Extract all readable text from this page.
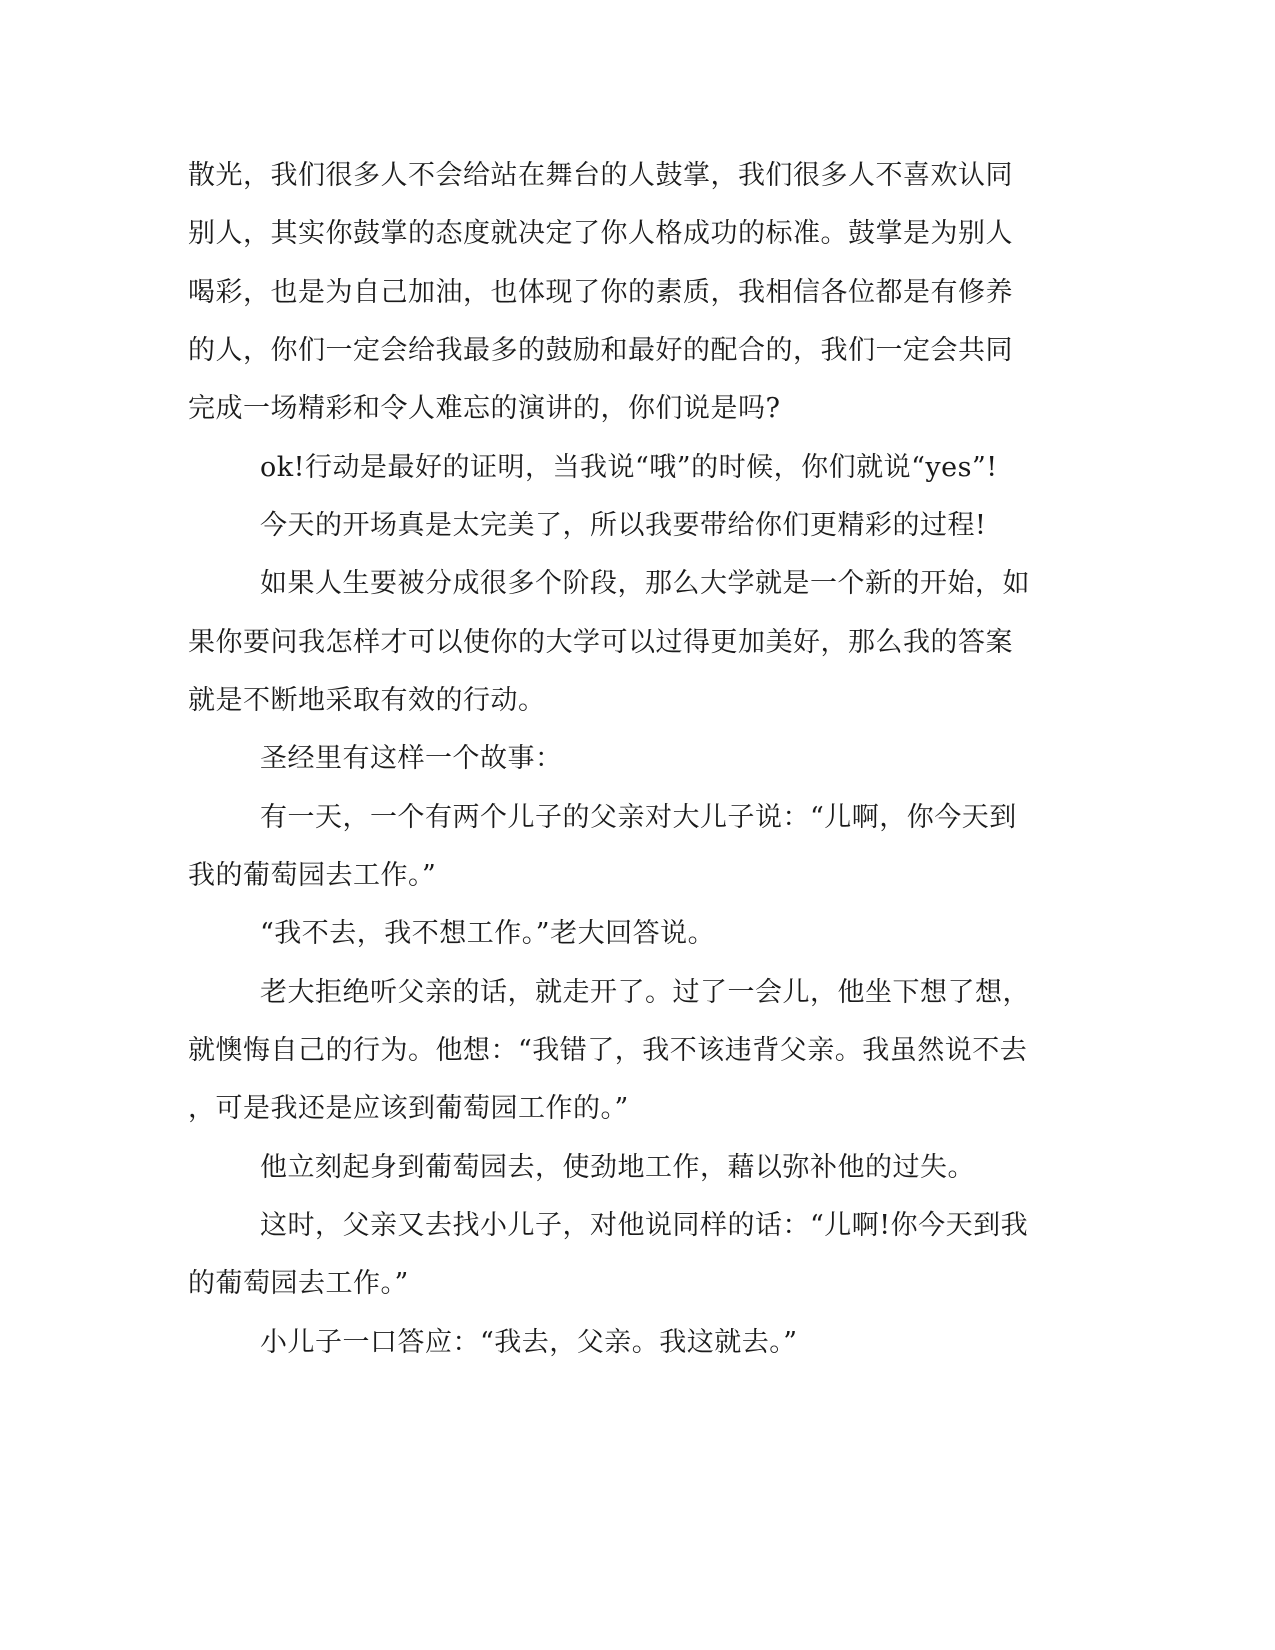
散光，我们很多人不会给站在舞台的人鼓掌，我们很多人不喜欢认同
别人，其实你鼓掌的态度就决定了你人格成功的标准。鼓掌是为别人
喝彩，也是为自己加油，也体现了你的素质，我相信各位都是有修养
的人，你们一定会给我最多的鼓励和最好的配合的，我们一定会共同
完成一场精彩和令人难忘的演讲的，你们说是吗?
ok!行动是最好的证明，当我说“哦”的时候，你们就说“yes”!
今天的开场真是太完美了，所以我要带给你们更精彩的过程!
如果人生要被分成很多个阶段，那么大学就是一个新的开始，如
果你要问我怎样才可以使你的大学可以过得更加美好，那么我的答案
就是不断地采取有效的行动。
圣经里有这样一个故事：
有一天，一个有两个儿子的父亲对大儿子说：“儿啊，你今天到
我的葡萄园去工作。”
“我不去，我不想工作。”老大回答说。
老大拒绝听父亲的话，就走开了。过了一会儿，他坐下想了想，
就懊悔自己的行为。他想：“我错了，我不该违背父亲。我虽然说不去
，可是我还是应该到葡萄园工作的。”
他立刻起身到葡萄园去，使劲地工作，藉以弥补他的过失。
这时，父亲又去找小儿子，对他说同样的话：“儿啊!你今天到我
的葡萄园去工作。”
小儿子一口答应：“我去，父亲。我这就去。”
